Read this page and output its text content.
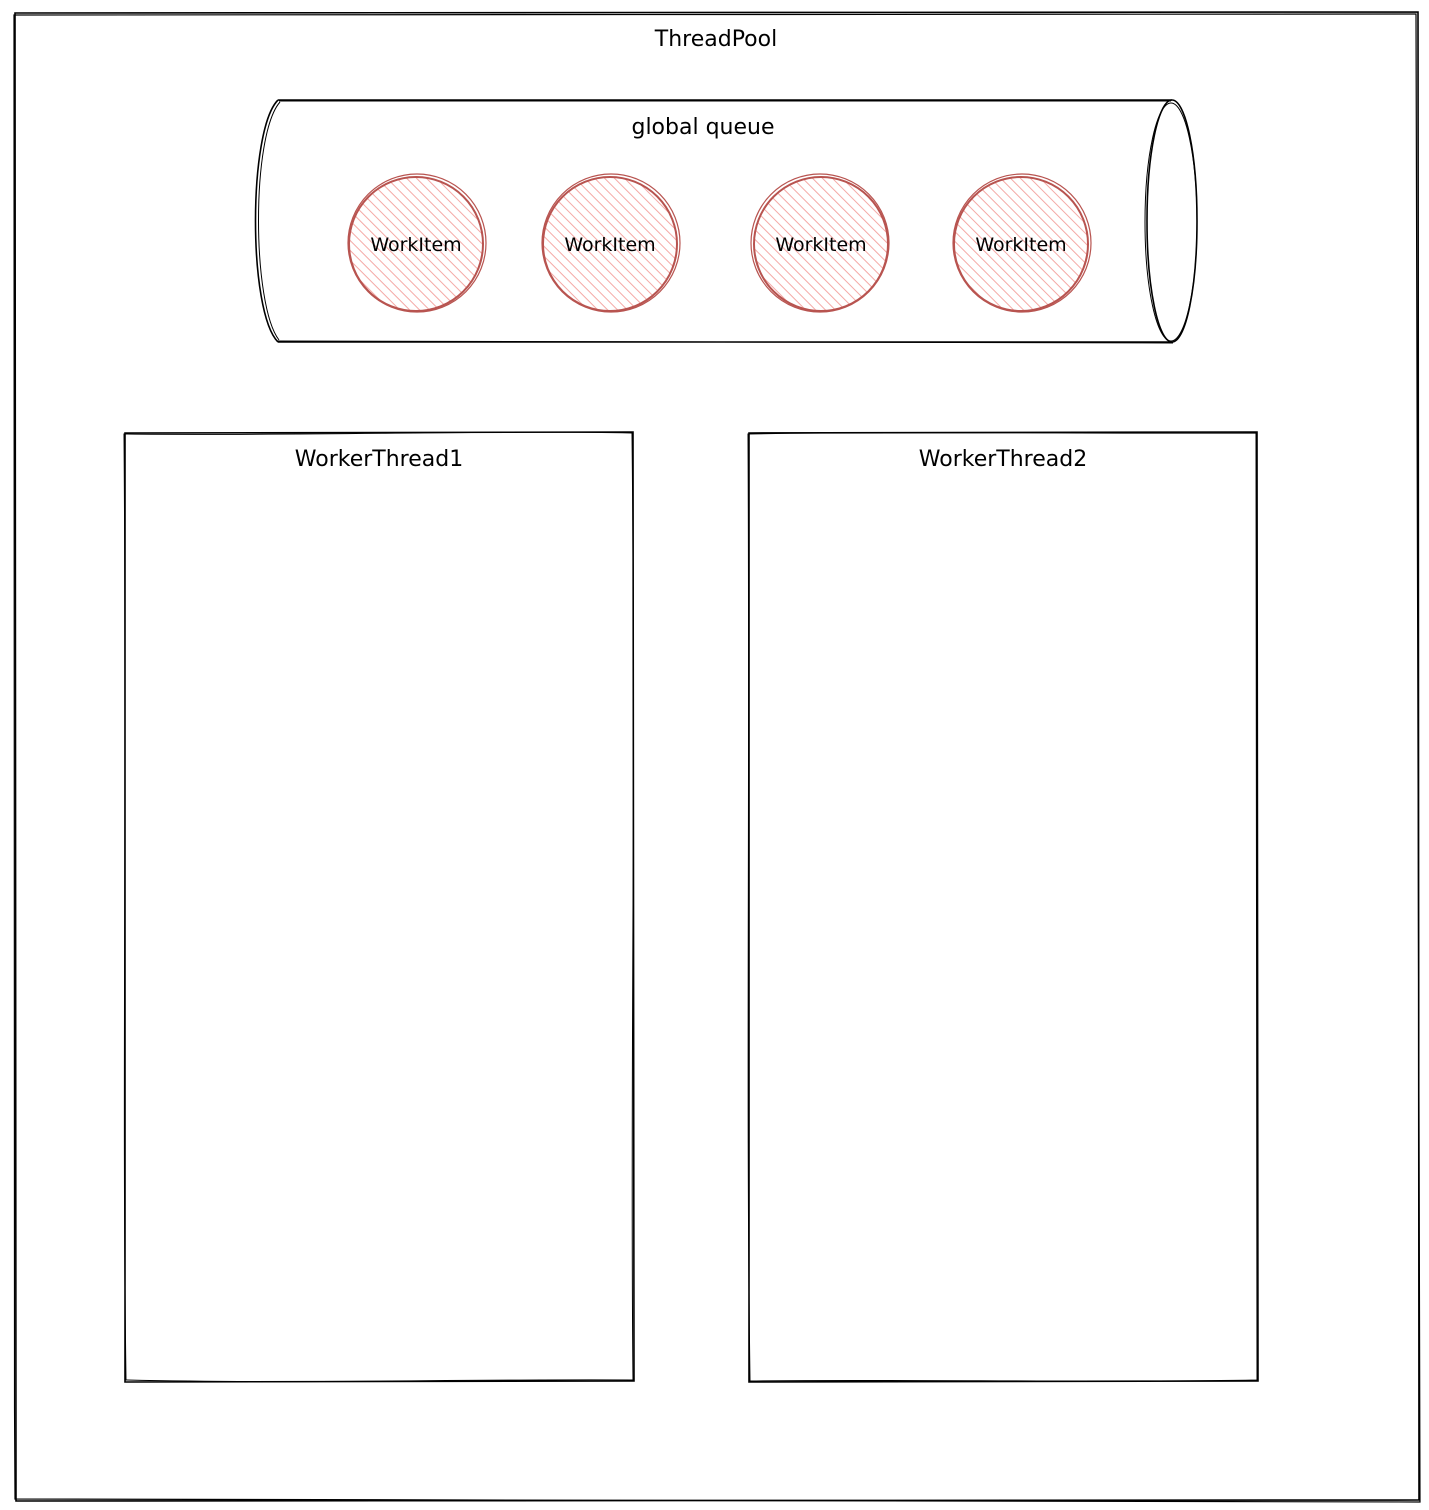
ThreadPool
global queue
WorkItem	WorkItem	WorkItem	WorkItem
WorkerThread1	WorkerThread2
